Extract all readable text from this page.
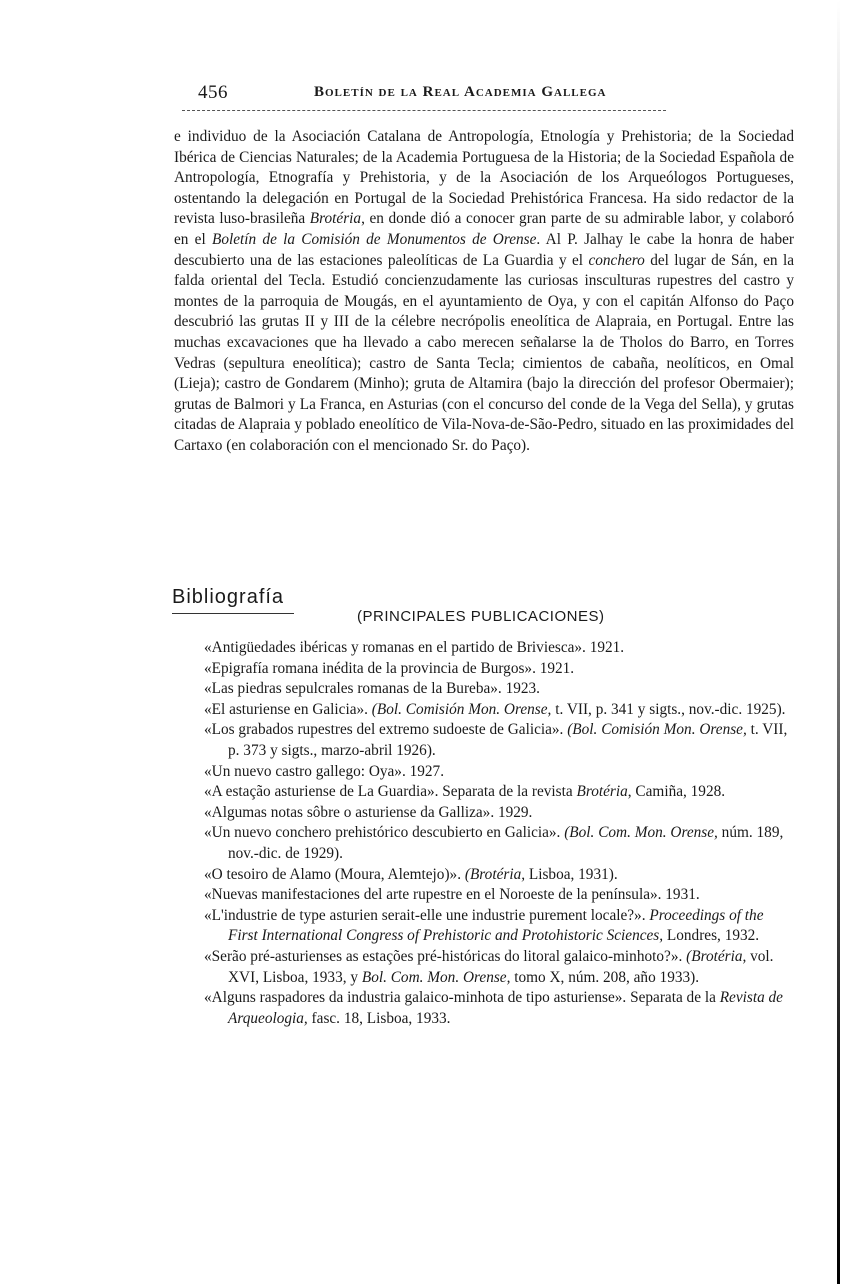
456	Boletín de la Real Academia Gallega

e individuo de la Asociación Catalana de Antropología, Etnología y Prehistoria; de la Sociedad Ibérica de Ciencias Naturales; de la Academia Portuguesa de la Historia; de la Sociedad Española de Antropología, Etnografía y Prehistoria, y de la Asociación de los Arqueólogos Portugueses, ostentando la delegación en Portugal de la Sociedad Prehistórica Francesa. Ha sido redactor de la revista luso-brasileña Brotéria, en donde dió a conocer gran parte de su admirable labor, y colaboró en el Boletín de la Comisión de Monumentos de Orense. Al P. Jalhay le cabe la honra de haber descubierto una de las estaciones paleolíticas de La Guardia y el conchero del lugar de Sán, en la falda oriental del Tecla. Estudió concienzudamente las curiosas insculturas rupestres del castro y montes de la parroquia de Mougás, en el ayuntamiento de Oya, y con el capitán Alfonso do Paço descubrió las grutas II y III de la célebre necrópolis eneolítica de Alapraia, en Portugal. Entre las muchas excavaciones que ha llevado a cabo merecen señalarse la de Tholos do Barro, en Torres Vedras (sepultura eneolítica); castro de Santa Tecla; cimientos de cabaña, neolíticos, en Omal (Lieja); castro de Gondarem (Minho); gruta de Altamira (bajo la dirección del profesor Obermaier); grutas de Balmori y La Franca, en Asturias (con el concurso del conde de la Vega del Sella), y grutas citadas de Alapraia y poblado eneolítico de Vila-Nova-de-São-Pedro, situado en las proximidades del Cartaxo (en colaboración con el mencionado Sr. do Paço).

Bibliografía
(PRINCIPALES PUBLICACIONES)
«Antigüedades ibéricas y romanas en el partido de Briviesca». 1921.
«Epigrafía romana inédita de la provincia de Burgos». 1921.
«Las piedras sepulcrales romanas de la Bureba». 1923.
«El asturiense en Galicia». (Bol. Comisión Mon. Orense, t. VII, p. 341 y sigts., nov.-dic. 1925).
«Los grabados rupestres del extremo sudoeste de Galicia». (Bol. Comisión Mon. Orense, t. VII, p. 373 y sigts., marzo-abril 1926).
«Un nuevo castro gallego: Oya». 1927.
«A estação asturiense de La Guardia». Separata de la revista Brotéria, Camiña, 1928.
«Algumas notas sôbre o asturiense da Galliza». 1929.
«Un nuevo conchero prehistórico descubierto en Galicia». (Bol. Com. Mon. Orense, núm. 189, nov.-dic. de 1929).
«O tesoiro de Alamo (Moura, Alemtejo)». (Brotéria, Lisboa, 1931).
«Nuevas manifestaciones del arte rupestre en el Noroeste de la península». 1931.
«L'industrie de type asturien serait-elle une industrie purement locale?». Proceedings of the First International Congress of Prehistoric and Protohistoric Sciences, Londres, 1932.
«Serão pré-asturienses as estações pré-históricas do litoral galaico-minhoto?». (Brotéria, vol. XVI, Lisboa, 1933, y Bol. Com. Mon. Orense, tomo X, núm. 208, año 1933).
«Alguns raspadores da industria galaico-minhota de tipo asturiense». Separata de la Revista de Arqueologia, fasc. 18, Lisboa, 1933.
